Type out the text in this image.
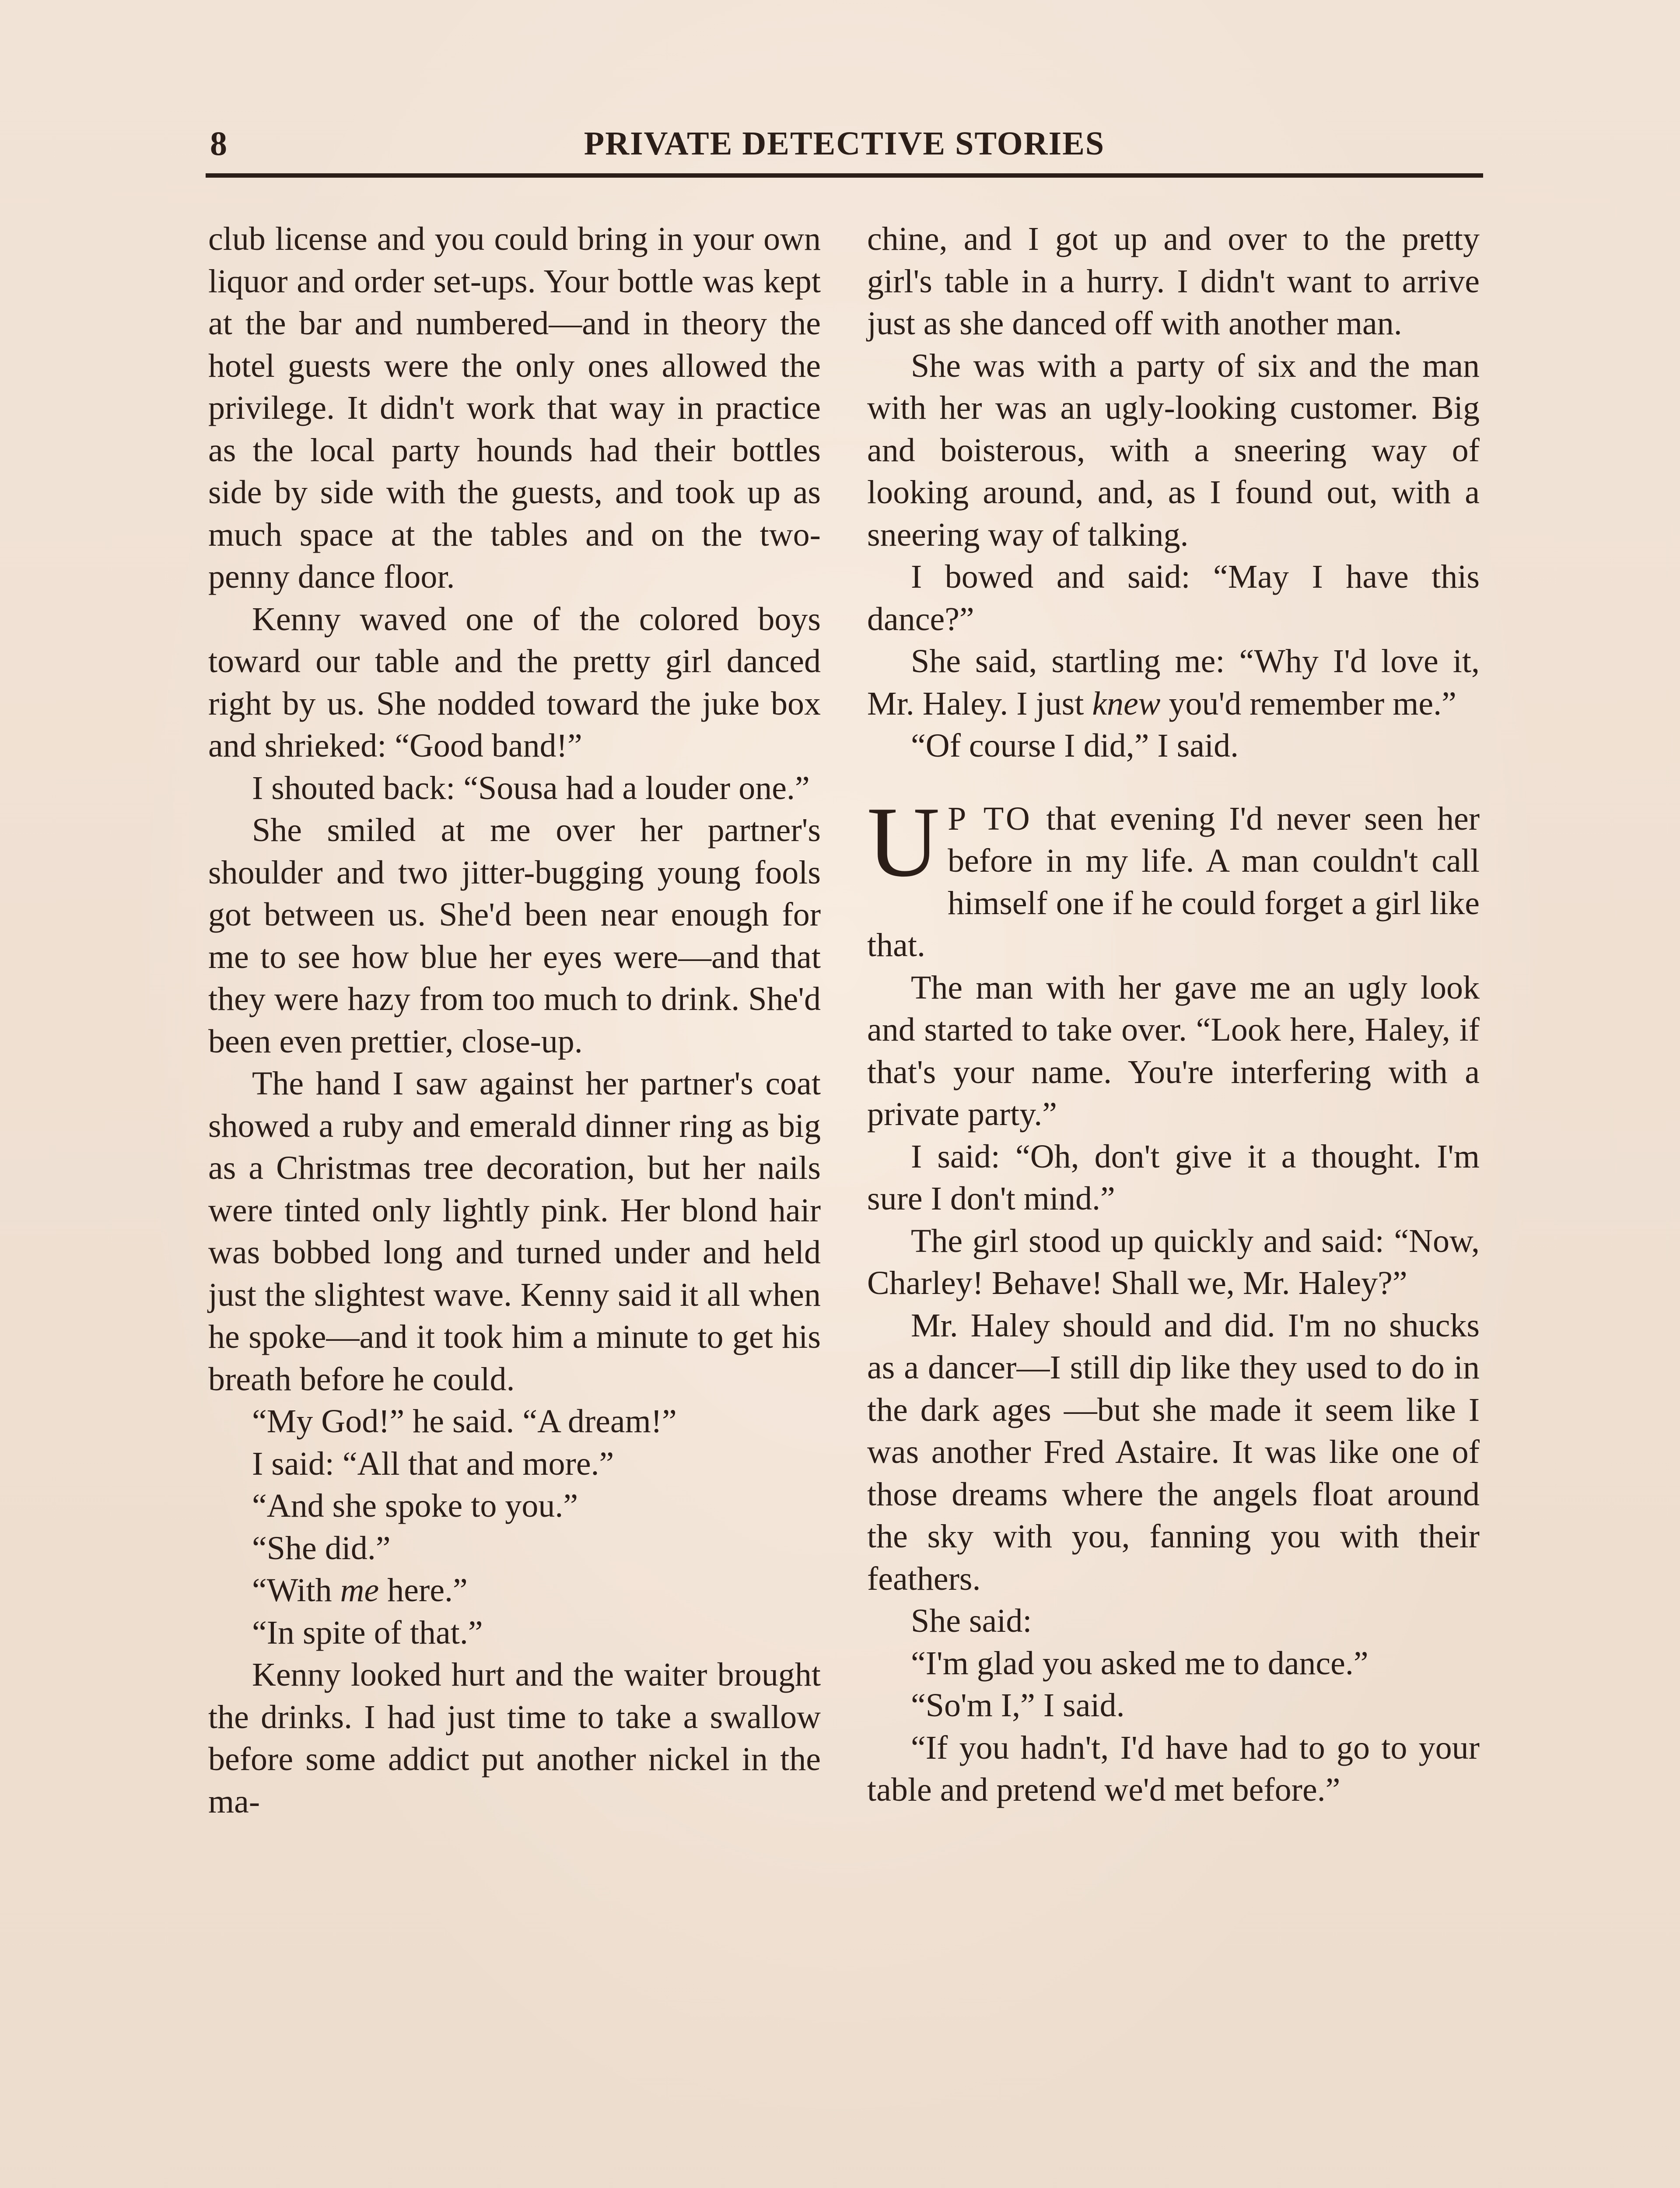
8	PRIVATE DETECTIVE STORIES

club license and you could bring in your own liquor and order set-ups. Your bottle was kept at the bar and numbered—and in theory the hotel guests were the only ones allowed the privilege. It didn't work that way in practice as the local party hounds had their bottles side by side with the guests, and took up as much space at the tables and on the two-penny dance floor.

Kenny waved one of the colored boys toward our table and the pretty girl danced right by us. She nodded toward the juke box and shrieked: “Good band!”

I shouted back: “Sousa had a louder one.”

She smiled at me over her partner's shoulder and two jitter-bugging young fools got between us. She'd been near enough for me to see how blue her eyes were—and that they were hazy from too much to drink. She'd been even prettier, close-up.

The hand I saw against her partner's coat showed a ruby and emerald dinner ring as big as a Christmas tree decoration, but her nails were tinted only lightly pink. Her blond hair was bobbed long and turned under and held just the slightest wave. Kenny said it all when he spoke—and it took him a minute to get his breath before he could.

“My God!” he said. “A dream!”

I said: “All that and more.”

“And she spoke to you.”

“She did.”

“With me here.”

“In spite of that.”

Kenny looked hurt and the waiter brought the drinks. I had just time to take a swallow before some addict put another nickel in the ma-

chine, and I got up and over to the pretty girl's table in a hurry. I didn't want to arrive just as she danced off with another man.

She was with a party of six and the man with her was an ugly-looking customer. Big and boisterous, with a sneering way of looking around, and, as I found out, with a sneering way of talking.

I bowed and said: “May I have this dance?”

She said, startling me: “Why I'd love it, Mr. Haley. I just knew you'd remember me.”

“Of course I did,” I said.

U P TO that evening I'd never seen her before in my life. A man couldn't call himself one if he could forget a girl like that.

The man with her gave me an ugly look and started to take over. “Look here, Haley, if that's your name. You're interfering with a private party.”

I said: “Oh, don't give it a thought. I'm sure I don't mind.”

The girl stood up quickly and said: “Now, Charley! Behave! Shall we, Mr. Haley?”

Mr. Haley should and did. I'm no shucks as a dancer—I still dip like they used to do in the dark ages —but she made it seem like I was another Fred Astaire. It was like one of those dreams where the angels float around the sky with you, fanning you with their feathers.

She said:

“I'm glad you asked me to dance.”

“So'm I,” I said.

“If you hadn't, I'd have had to go to your table and pretend we'd met before.”
